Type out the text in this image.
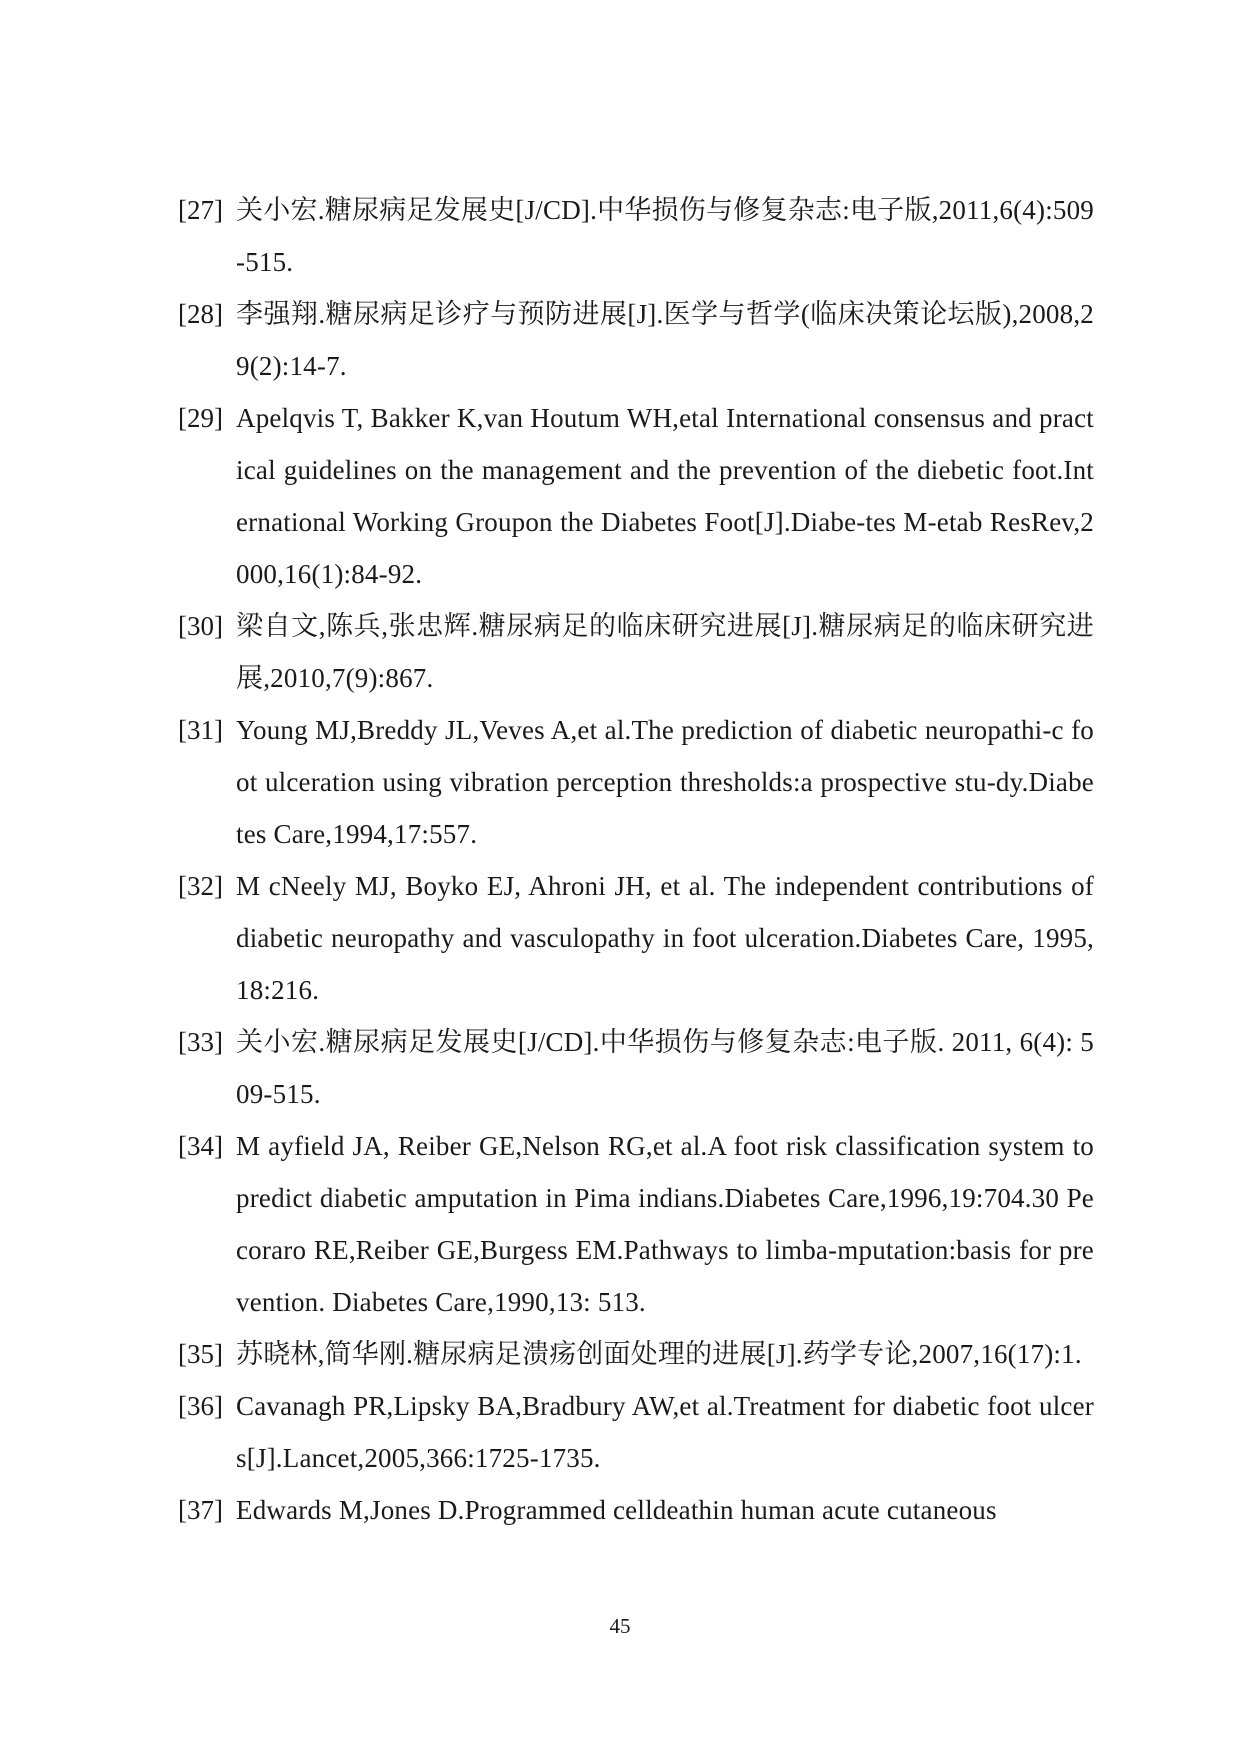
[27] 关小宏.糖尿病足发展史[J/CD].中华损伤与修复杂志:电子版,2011,6(4):509-515.
[28] 李强翔.糖尿病足诊疗与预防进展[J].医学与哲学(临床决策论坛版),2008,29(2):14-7.
[29] Apelqvis T, Bakker K,van Houtum WH,etal International consensus and practical guidelines on the management and the prevention of the diebetic foot.International Working Groupon the Diabetes Foot[J].Diabe-tes M-etab ResRev,2000,16(1):84-92.
[30] 梁自文,陈兵,张忠辉.糖尿病足的临床研究进展[J].糖尿病足的临床研究进展,2010,7(9):867.
[31] Young MJ,Breddy JL,Veves A,et al.The prediction of diabetic neuropathi-c foot ulceration using vibration perception thresholds:a prospective stu-dy.Diabetes Care,1994,17:557.
[32] M cNeely MJ, Boyko EJ, Ahroni JH, et al. The independent contributions of diabetic neuropathy and vasculopathy in foot ulceration.Diabetes Care, 1995,18:216.
[33] 关小宏.糖尿病足发展史[J/CD].中华损伤与修复杂志:电子版. 2011, 6(4): 509-515.
[34] M ayfield JA, Reiber GE,Nelson RG,et al.A foot risk classification system to predict diabetic amputation in Pima indians.Diabetes Care,1996,19:704.30 Pecoraro RE,Reiber GE,Burgess EM.Pathways to limba-mputation:basis for prevention. Diabetes Care,1990,13: 513.
[35] 苏晓林,简华刚.糖尿病足溃疡创面处理的进展[J].药学专论,2007,16(17):1.
[36] Cavanagh PR,Lipsky BA,Bradbury AW,et al.Treatment for diabetic foot ulcers[J].Lancet,2005,366:1725-1735.
[37] Edwards M,Jones D.Programmed celldeathin human acute cutaneous
45
